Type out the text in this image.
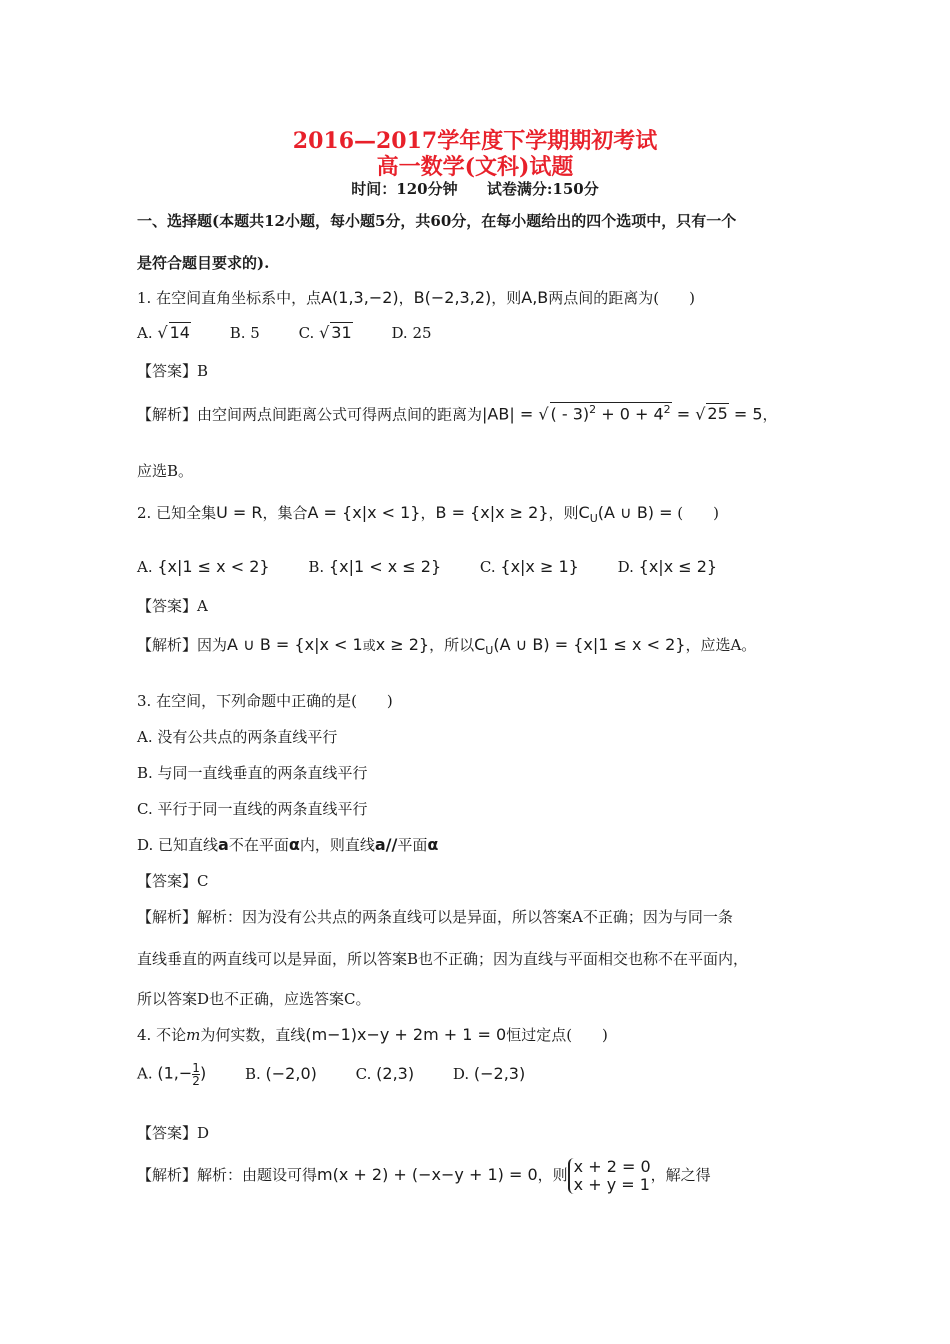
2016—2017学年度下学期期初考试
高一数学(文科)试题
时间：120分钟 试卷满分:150分
一、选择题(本题共12小题，每小题5分，共60分，在每小题给出的四个选项中，只有一个
是符合题目要求的).
1. 在空间直角坐标系中，点A(1,3,−2)，B(−2,3,2)，则A,B两点间的距离为(　　)
A. √ 14	B. 5	C. √ 31	D. 25
【答案】B
【解析】由空间两点间距离公式可得两点间的距离为|AB| = √ ( - $3)^2 + 0 + 4^2$ = √ 25 = 5，
应选B。
2. 已知全集U = R，集合A = {x|x < 1}，B = {x|x ≥ 2}，则$C_U(A$ ∪ B) = (　　)
A. {x|1 ≤ x < 2}	B. {x|1 < x ≤ 2}	C. {x|x ≥ 1}	D. {x|x ≤ 2}
【答案】A
【解析】因为A ∪ B = {x|x < 1或x ≥ 2}，所以$C_U(A$ ∪ B) = {x|1 ≤ x < 2}，应选A。
3. 在空间，下列命题中正确的是(　　)
A. 没有公共点的两条直线平行
B. 与同一直线垂直的两条直线平行
C. 平行于同一直线的两条直线平行
D. 已知直线a不在平面α内，则直线a//平面α
【答案】C
【解析】解析：因为没有公共点的两条直线可以是异面，所以答案A不正确；因为与同一条
直线垂直的两直线可以是异面，所以答案B也不正确；因为直线与平面相交也称不在平面内，
所以答案D也不正确，应选答案C。
4. 不论m为何实数，直线(m−1)x−y + 2m + 1 = 0恒过定点(　　)
A. ($1,- \frac{1}{2}$ )	B. (−2,0)	C. (2,3)	D. (−2,3)
【答案】D
【解析】解析：由题设可得m(x + 2) + (−x−y + 1) = 0，则 x + 2 = 0
x + y = 1 ，解之得
